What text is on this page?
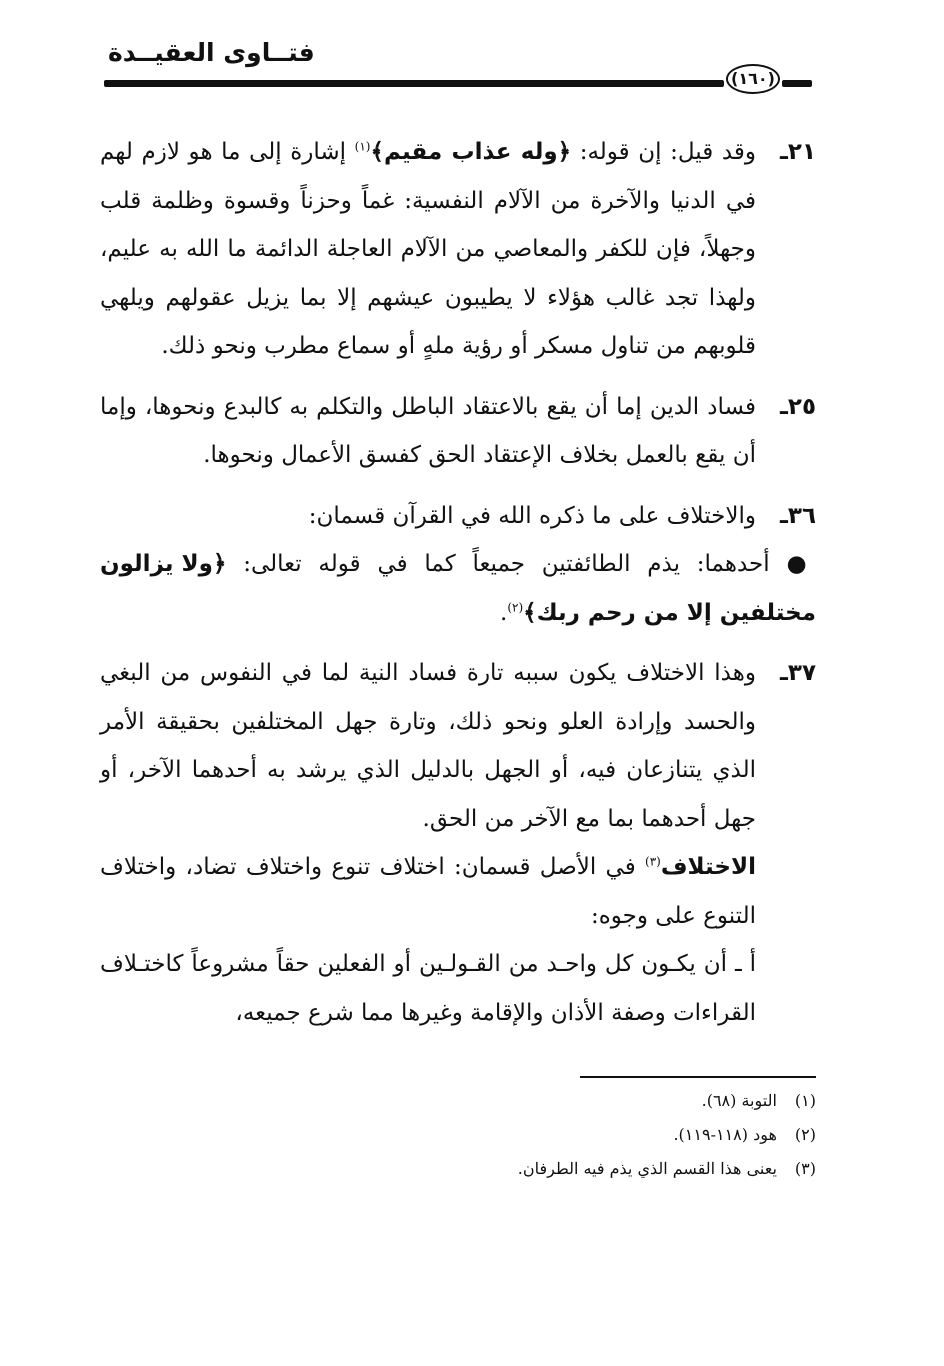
فتــاوى العقيــدة
(١٦٠)
٢١ـ

وقد قيل: إن قوله: ﴿وله عذاب مقيم﴾$^{(١)}$ إشارة إلى ما هو لازم لهم في الدنيا والآخرة من الآلام النفسية: غماً وحزناً وقسوة وظلمة قلب وجهلاً، فإن للكفر والمعاصي من الآلام العاجلة الدائمة ما الله به عليم، ولهذا تجد غالب هؤلاء لا يطيبون عيشهم إلا بما يزيل عقولهم ويلهي قلوبهم من تناول مسكر أو رؤية ملهٍ أو سماع مطرب ونحو ذلك.

٢٥ـ

فساد الدين إما أن يقع بالاعتقاد الباطل والتكلم به كالبدع ونحوها، وإما أن يقع بالعمل بخلاف الإعتقاد الحق كفسق الأعمال ونحوها.

٣٦ـ

والاختلاف على ما ذكره الله في القرآن قسمان:

● أحدهما: يذم الطائفتين جميعاً كما في قوله تعالى: ﴿ولا يزالون مختلفين إلا من رحم ربك﴾$^{(٢)}$.

٣٧ـ

وهذا الاختلاف يكون سببه تارة فساد النية لما في النفوس من البغي والحسد وإرادة العلو ونحو ذلك، وتارة جهل المختلفين بحقيقة الأمر الذي يتنازعان فيه، أو الجهل بالدليل الذي يرشد به أحدهما الآخر، أو جهل أحدهما بما مع الآخر من الحق.

الاختلاف$^{(٣)}$ في الأصل قسمان: اختلاف تنوع واختلاف تضاد، واختلاف التنوع على وجوه:

أ ـ أن يكـون كل واحـد من القـولـين أو الفعلين حقاً مشروعاً كاختـلاف القراءات وصفة الأذان والإقامة وغيرها مما شرع جميعه،

(١) التوبة (٦٨).
(٢) هود (١١٨-١١٩).
(٣) يعنى هذا القسم الذي يذم فيه الطرفان.
